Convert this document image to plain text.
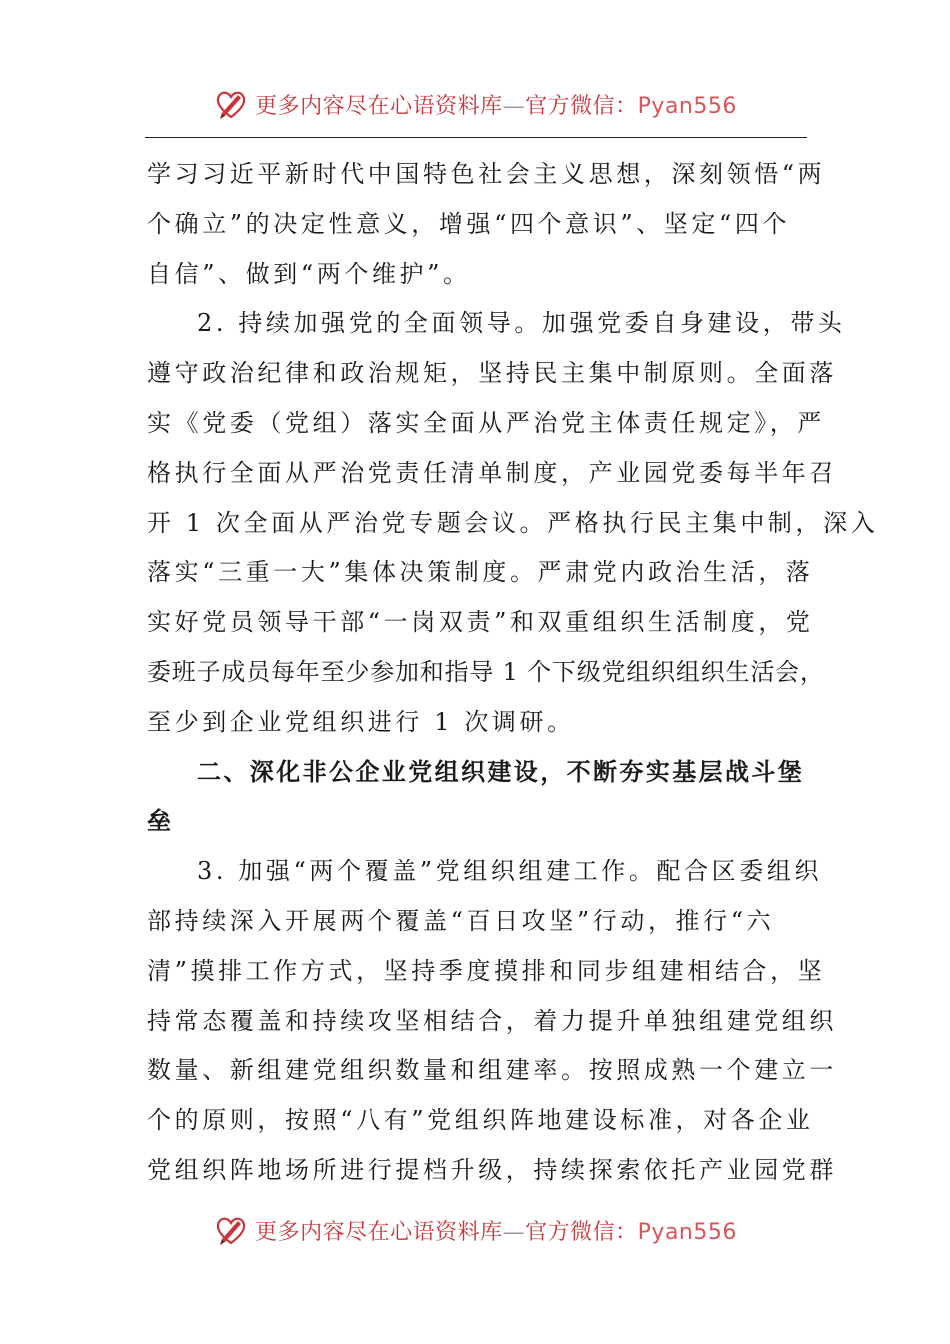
更多内容尽在心语资料库—官方微信：Pyan556
学习习近平新时代中国特色社会主义思想，深刻领悟“两
个确立”的决定性意义，增强“四个意识”、坚定“四个
自信”、做到“两个维护”。
2. 持续加强党的全面领导。加强党委自身建设，带头
遵守政治纪律和政治规矩，坚持民主集中制原则。全面落
实《党委（党组）落实全面从严治党主体责任规定》，严
格执行全面从严治党责任清单制度，产业园党委每半年召
开 1 次全面从严治党专题会议。严格执行民主集中制，深入
落实“三重一大”集体决策制度。严肃党内政治生活，落
实好党员领导干部“一岗双责”和双重组织生活制度，党
委班子成员每年至少参加和指导 1 个下级党组织组织生活会，
至少到企业党组织进行 1 次调研。
二、深化非公企业党组织建设，不断夯实基层战斗堡
垒
3. 加强“两个覆盖”党组织组建工作。配合区委组织
部持续深入开展两个覆盖“百日攻坚”行动，推行“六
清”摸排工作方式，坚持季度摸排和同步组建相结合，坚
持常态覆盖和持续攻坚相结合，着力提升单独组建党组织
数量、新组建党组织数量和组建率。按照成熟一个建立一
个的原则，按照“八有”党组织阵地建设标准，对各企业
党组织阵地场所进行提档升级，持续探索依托产业园党群
更多内容尽在心语资料库—官方微信：Pyan556
